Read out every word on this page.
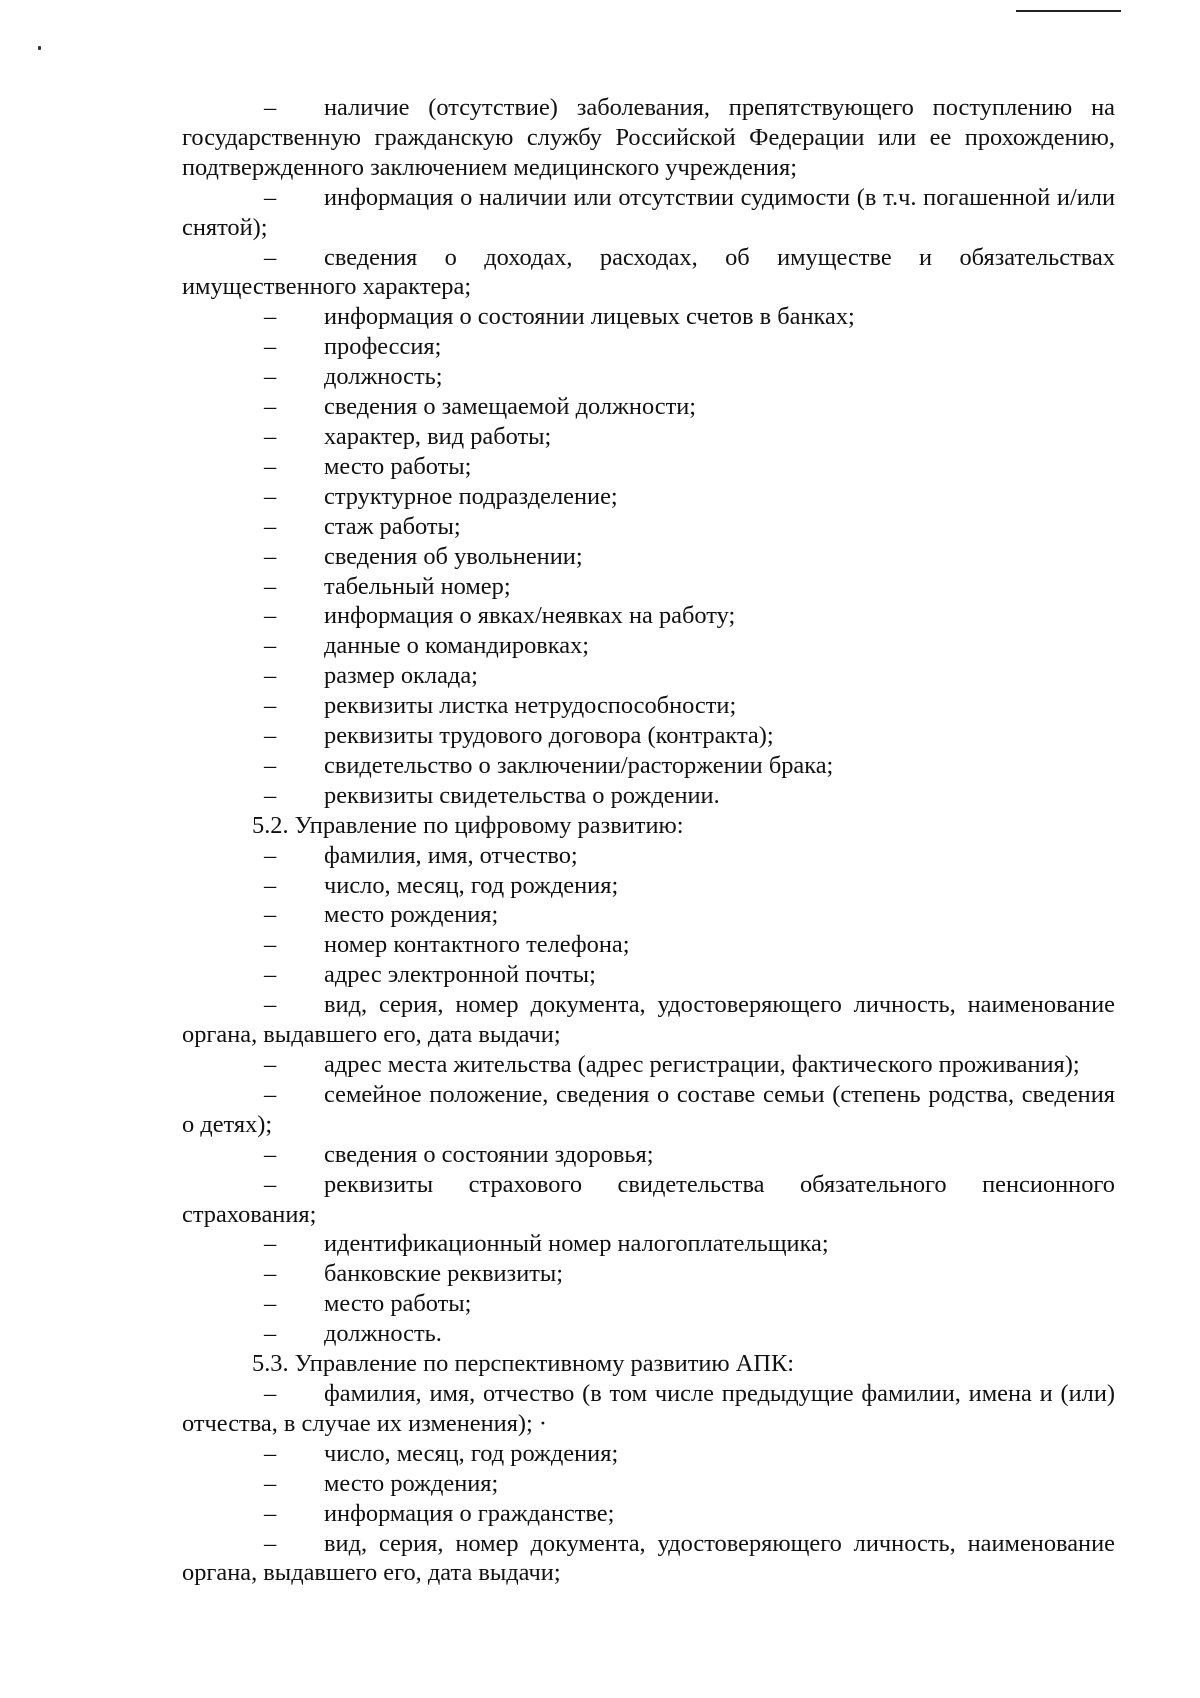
–	наличие (отсутствие) заболевания, препятствующего поступлению на государственную гражданскую службу Российской Федерации или ее прохождению, подтвержденного заключением медицинского учреждения;
–	информация о наличии или отсутствии судимости (в т.ч. погашенной и/или снятой);
–	сведения о доходах, расходах, об имуществе и обязательствах имущественного характера;
–	информация о состоянии лицевых счетов в банках;
–	профессия;
–	должность;
–	сведения о замещаемой должности;
–	характер, вид работы;
–	место работы;
–	структурное подразделение;
–	стаж работы;
–	сведения об увольнении;
–	табельный номер;
–	информация о явках/неявках на работу;
–	данные о командировках;
–	размер оклада;
–	реквизиты листка нетрудоспособности;
–	реквизиты трудового договора (контракта);
–	свидетельство о заключении/расторжении брака;
–	реквизиты свидетельства о рождении.
5.2. Управление по цифровому развитию:
–	фамилия, имя, отчество;
–	число, месяц, год рождения;
–	место рождения;
–	номер контактного телефона;
–	адрес электронной почты;
–	вид, серия, номер документа, удостоверяющего личность, наименование органа, выдавшего его, дата выдачи;
–	адрес места жительства (адрес регистрации, фактического проживания);
–	семейное положение, сведения о составе семьи (степень родства, сведения о детях);
–	сведения о состоянии здоровья;
–	реквизиты страхового свидетельства обязательного пенсионного страхования;
–	идентификационный номер налогоплательщика;
–	банковские реквизиты;
–	место работы;
–	должность.
5.3. Управление по перспективному развитию АПК:
–	фамилия, имя, отчество (в том числе предыдущие фамилии, имена и (или) отчества, в случае их изменения); ·
–	число, месяц, год рождения;
–	место рождения;
–	информация о гражданстве;
–	вид, серия, номер документа, удостоверяющего личность, наименование органа, выдавшего его, дата выдачи;
